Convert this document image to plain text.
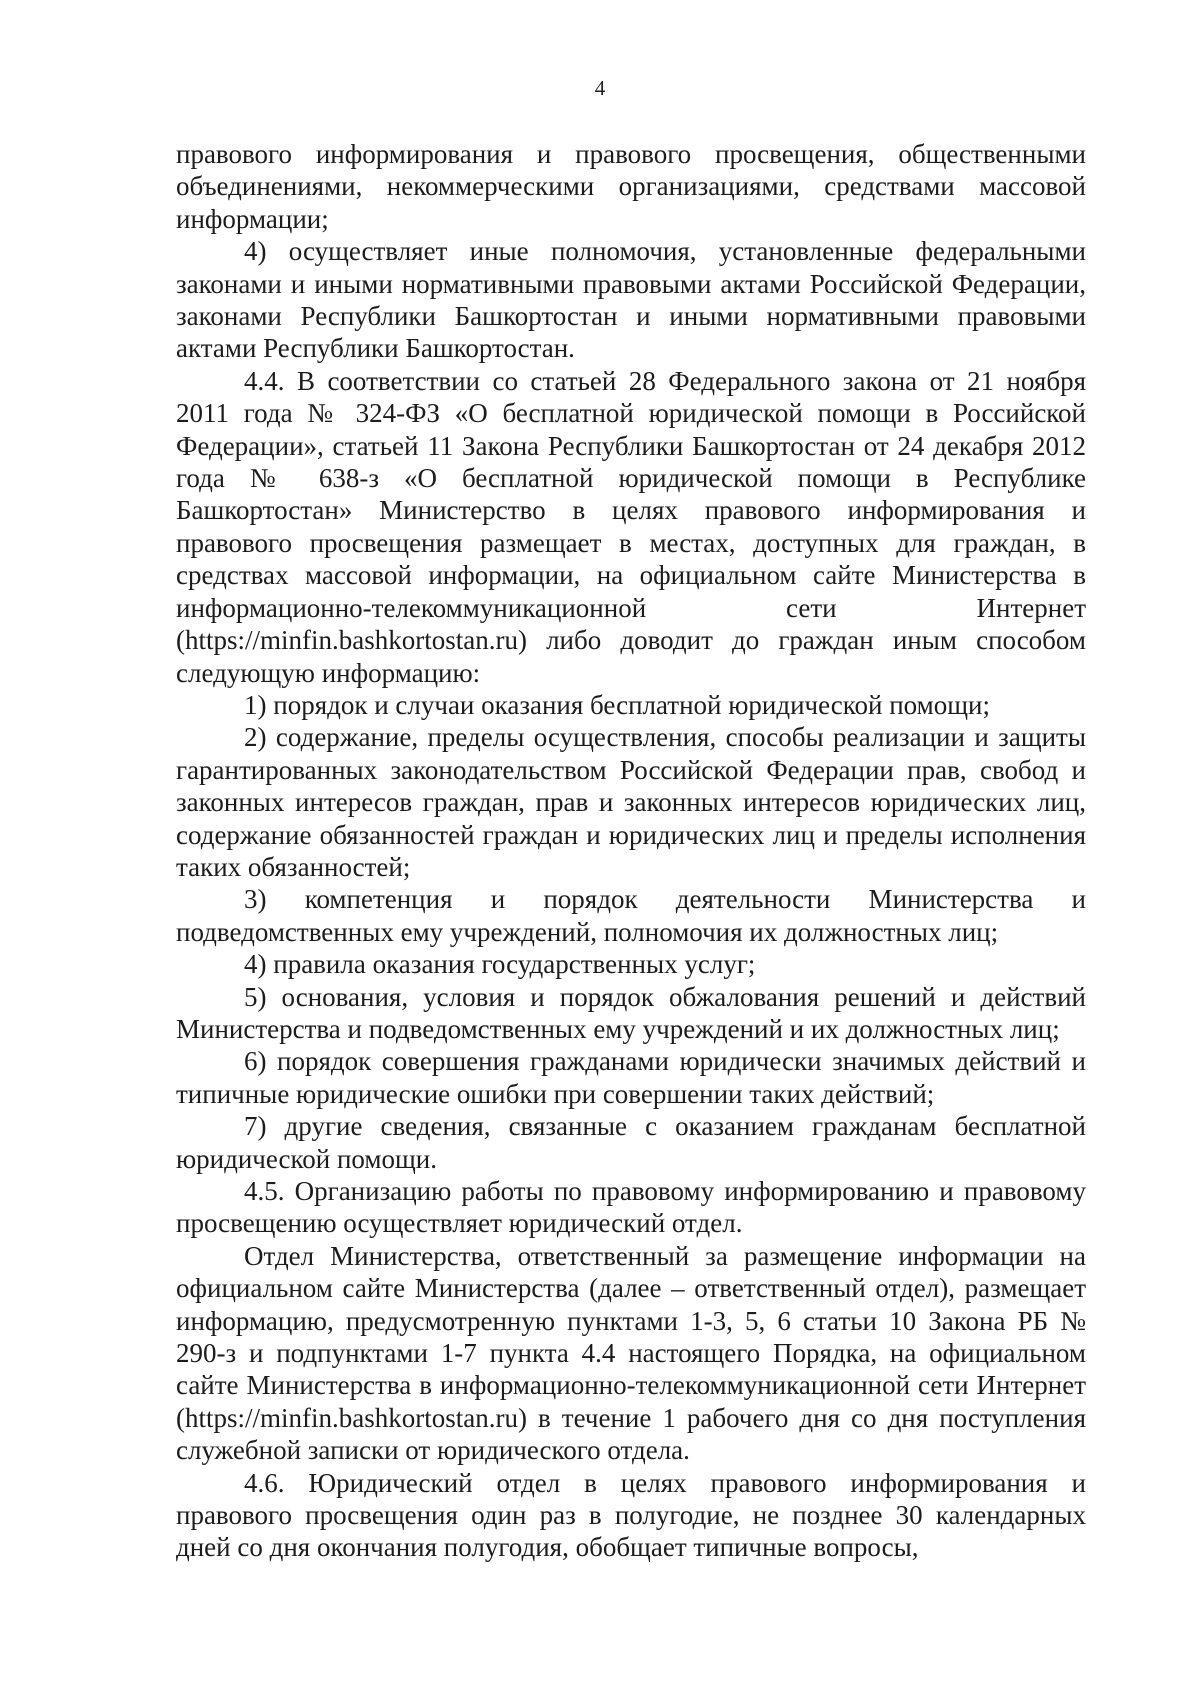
4

правового информирования и правового просвещения, общественными объединениями, некоммерческими организациями, средствами массовой информации;

4) осуществляет иные полномочия, установленные федеральными законами и иными нормативными правовыми актами Российской Федерации, законами Республики Башкортостан и иными нормативными правовыми актами Республики Башкортостан.

4.4. В соответствии со статьей 28 Федерального закона от 21 ноября 2011 года № 324-ФЗ «О бесплатной юридической помощи в Российской Федерации», статьей 11 Закона Республики Башкортостан от 24 декабря 2012 года № 638-з «О бесплатной юридической помощи в Республике Башкортостан» Министерство в целях правового информирования и правового просвещения размещает в местах, доступных для граждан, в средствах массовой информации, на официальном сайте Министерства в информационно-телекоммуникационной сети Интернет (https://minfin.bashkortostan.ru) либо доводит до граждан иным способом следующую информацию:

1) порядок и случаи оказания бесплатной юридической помощи;

2) содержание, пределы осуществления, способы реализации и защиты гарантированных законодательством Российской Федерации прав, свобод и законных интересов граждан, прав и законных интересов юридических лиц, содержание обязанностей граждан и юридических лиц и пределы исполнения таких обязанностей;

3) компетенция и порядок деятельности Министерства и подведомственных ему учреждений, полномочия их должностных лиц;

4) правила оказания государственных услуг;

5) основания, условия и порядок обжалования решений и действий Министерства и подведомственных ему учреждений и их должностных лиц;

6) порядок совершения гражданами юридически значимых действий и типичные юридические ошибки при совершении таких действий;

7) другие сведения, связанные с оказанием гражданам бесплатной юридической помощи.

4.5. Организацию работы по правовому информированию и правовому просвещению осуществляет юридический отдел.

Отдел Министерства, ответственный за размещение информации на официальном сайте Министерства (далее – ответственный отдел), размещает информацию, предусмотренную пунктами 1-3, 5, 6 статьи 10 Закона РБ № 290-з и подпунктами 1-7 пункта 4.4 настоящего Порядка, на официальном сайте Министерства в информационно-телекоммуникационной сети Интернет (https://minfin.bashkortostan.ru) в течение 1 рабочего дня со дня поступления служебной записки от юридического отдела.

4.6. Юридический отдел в целях правового информирования и правового просвещения один раз в полугодие, не позднее 30 календарных дней со дня окончания полугодия, обобщает типичные вопросы,
